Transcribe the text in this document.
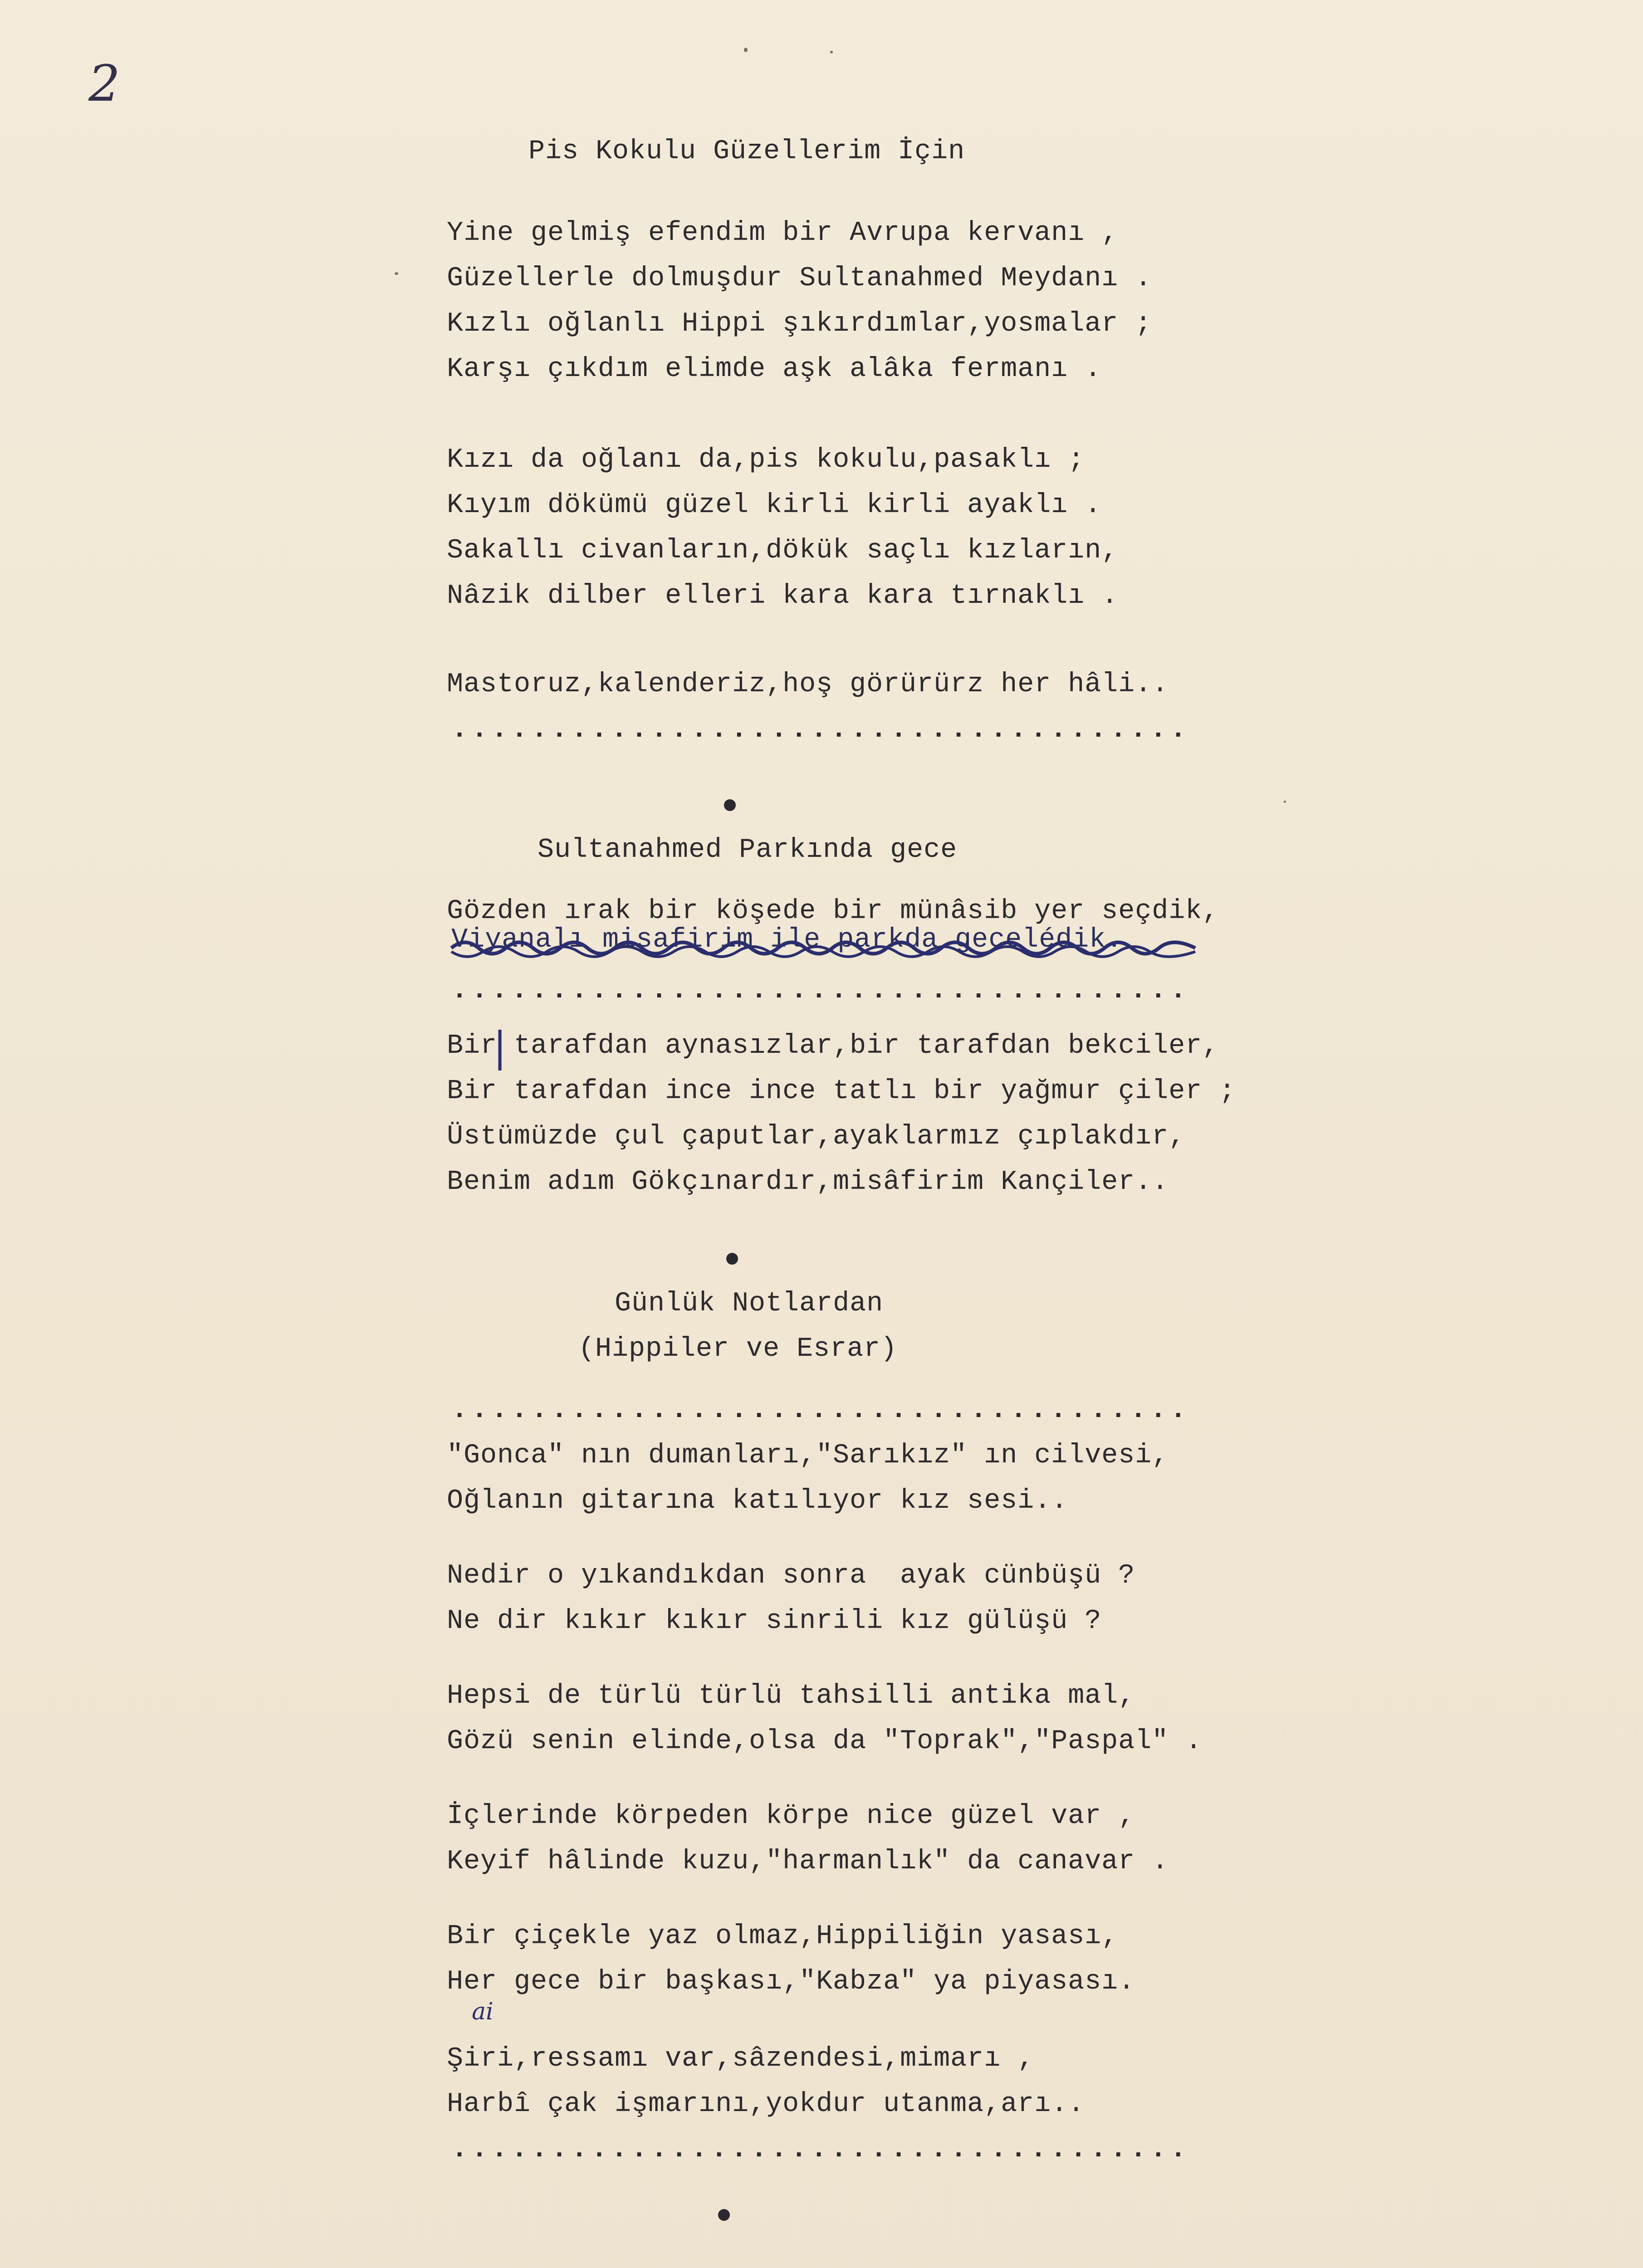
2
Pis Kokulu Güzellerim İçin
Yine gelmiş efendim bir Avrupa kervanı ,
Güzellerle dolmuşdur Sultanahmed Meydanı .
Kızlı oğlanlı Hippi şıkırdımlar,yosmalar ;
Karşı çıkdım elimde aşk alâka fermanı .
Kızı da oğlanı da,pis kokulu,pasaklı ;
Kıyım dökümü güzel kirli kirli ayaklı .
Sakallı civanların,dökük saçlı kızların,
Nâzik dilber elleri kara kara tırnaklı .
Mastoruz,kalenderiz,hoş görürürz her hâli..
.....................................
Sultanahmed Parkında gece
Gözden ırak bir köşede bir münâsib yer seçdik,
Viyanalı misafirim ile parkda gecelédik.
.....................................
Bir tarafdan aynasızlar,bir tarafdan bekciler,
Bir tarafdan ince ince tatlı bir yağmur çiler ;
Üstümüzde çul çaputlar,ayaklarmız çıplakdır,
Benim adım Gökçınardır,misâfirim Kançiler..
Günlük Notlardan
(Hippiler ve Esrar)
.....................................
"Gonca" nın dumanları,"Sarıkız" ın cilvesi,
Oğlanın gitarına katılıyor kız sesi..
Nedir o yıkandıkdan sonra  ayak cünbüşü ?
Ne dir kıkır kıkır sinrili kız gülüşü ?
Hepsi de türlü türlü tahsilli antika mal,
Gözü senin elinde,olsa da "Toprak","Paspal" .
İçlerinde körpeden körpe nice güzel var ,
Keyif hâlinde kuzu,"harmanlık" da canavar .
Bir çiçekle yaz olmaz,Hippiliğin yasası,
Her gece bir başkası,"Kabza" ya piyasası.
ai
Şiri,ressamı var,sâzendesi,mimarı ,
Harbî çak işmarını,yokdur utanma,arı..
.....................................
